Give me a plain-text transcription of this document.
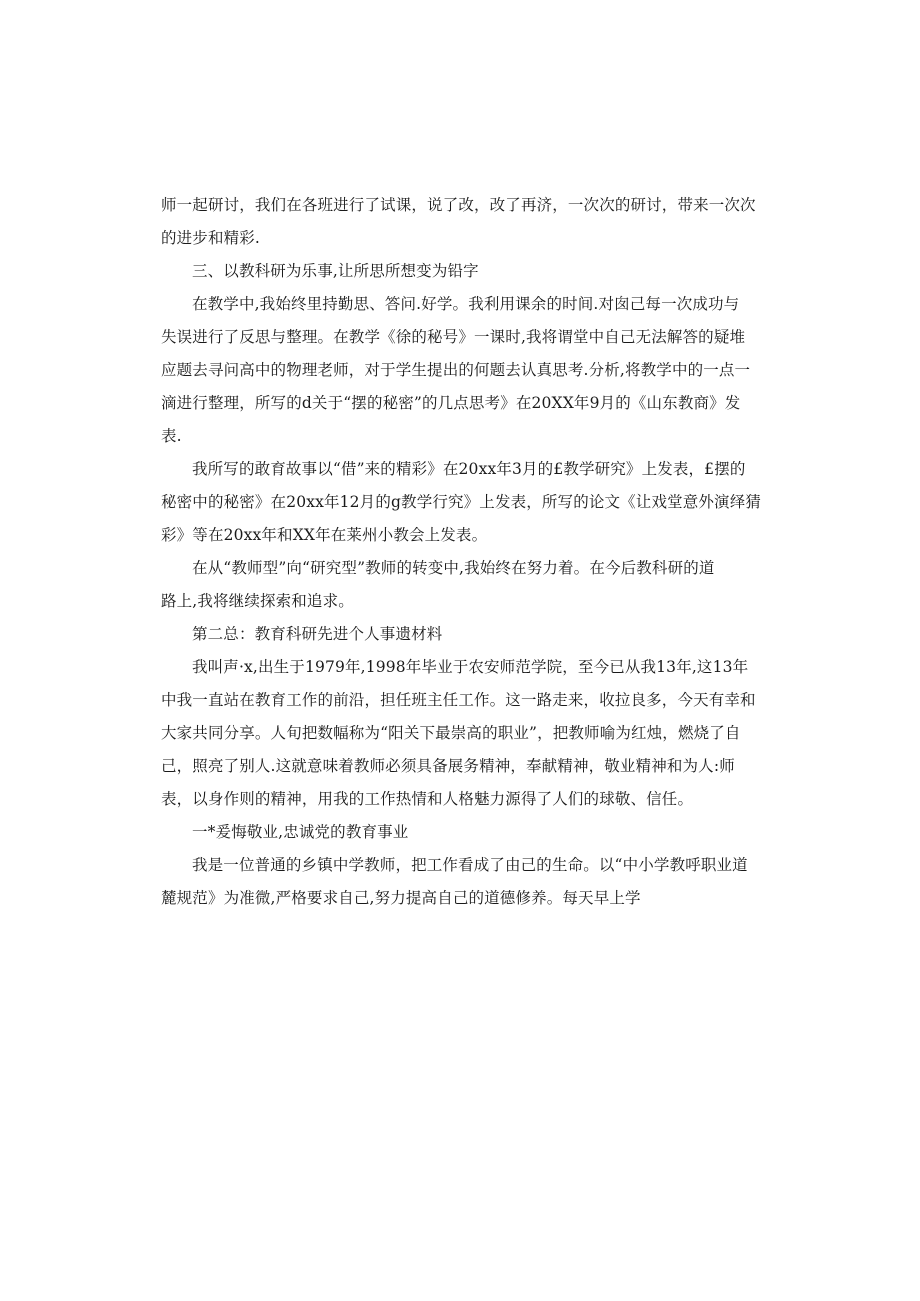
师一起研讨，我们在各班进行了试课，说了改，改了再济，一次次的研讨，带来一次次
的进步和精彩.
三、以教科研为乐事,让所思所想变为铅字
在教学中,我始终里持勤思、答问.好学。我利用课余的时间.对囱己每一次成功与
失误进行了反思与整理。在教学《徐的秘号》一课时,我将谓堂中自己无法解答的疑堆
应题去寻问高中的物理老师，对于学生提出的何题去认真思考.分析,将教学中的一点一
滴进行整理，所写的d关于“摆的秘密”的几点思考》在20XX年9月的《山东教商》发
表.
我所写的敢育故事以“借”来的精彩》在20xx年3月的£教学研究》上发表，£摆的
秘密中的秘密》在20xx年12月的g教学行究》上发表，所写的论文《让戏堂意外演绎猜
彩》等在20xx年和XX年在莱州小教会上发表。
在从“教师型”向“研究型”教师的转变中,我始终在努力着。在今后教科研的道
路上,我将继续探索和追求。
第二总：教育科研先进个人事遗材料
我叫声·x,出生于1979年,1998年毕业于农安师范学院，至今已从我13年,这13年
中我一直站在教育工作的前沿，担任班主任工作。这一路走来，收拉良多，今天有幸和
大家共同分享。人旬把数幅称为“阳关下最崇高的职业”，把教师喻为红烛，燃烧了自
己，照亮了别人.这就意味着教师必须具备展务精神，奉献精神，敬业精神和为人:师
表，以身作则的精神，用我的工作热情和人格魅力源得了人们的球敬、信任。
一*爰悔敬业,忠诚党的教育事业
我是一位普通的乡镇中学教师，把工作看成了由己的生命。以“中小学教呼职业道
麓规范》为准微,严格要求自己,努力提高自己的道德修养。每天早上学
